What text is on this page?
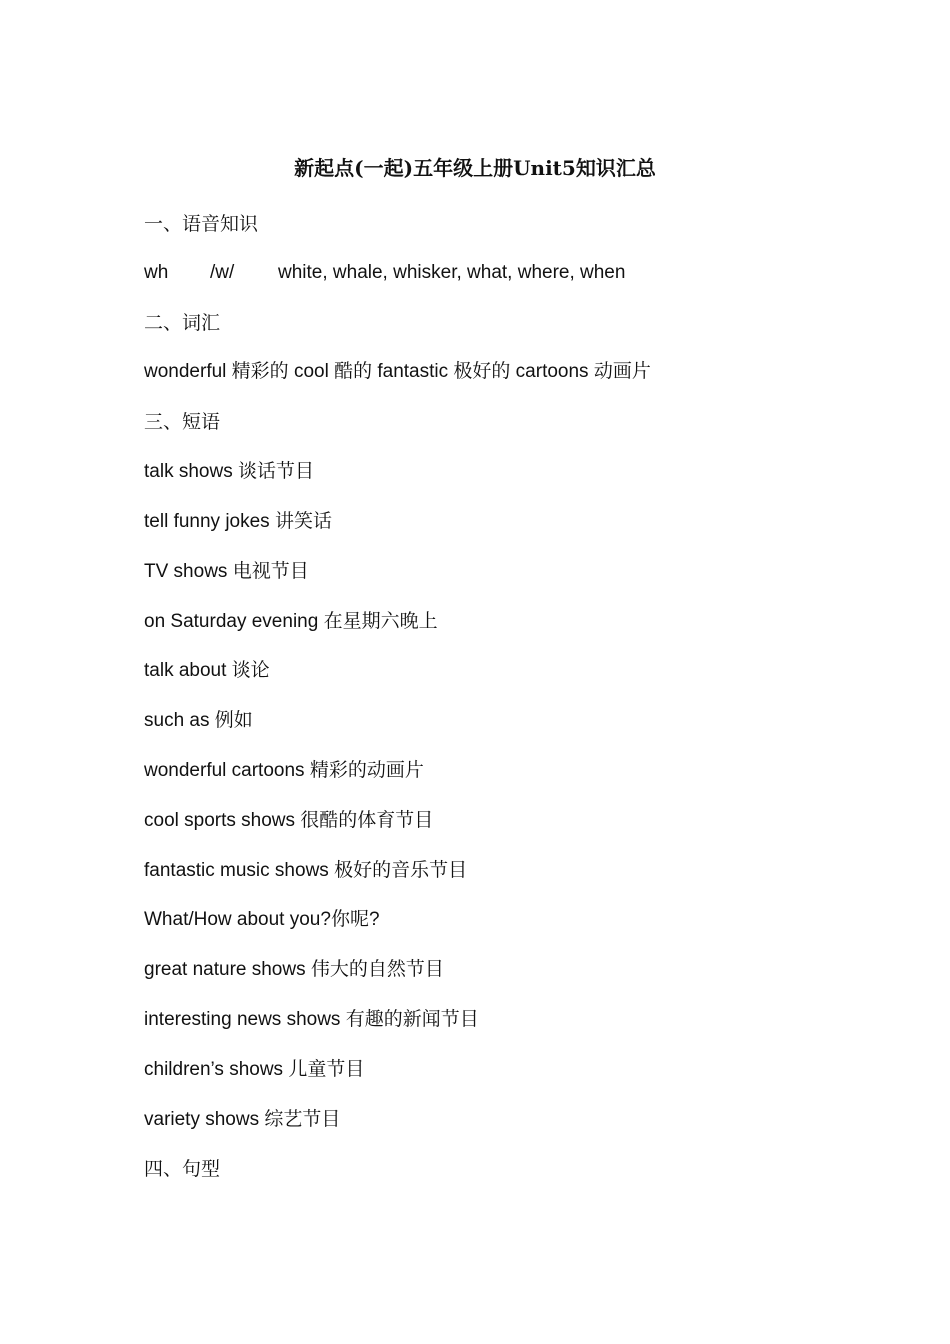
新起点(一起)五年级上册Unit5知识汇总
一、语音知识
wh /w/ white, whale, whisker, what, where, when
二、词汇
wonderful 精彩的 cool 酷的 fantastic 极好的 cartoons 动画片
三、短语
talk shows 谈话节目
tell funny jokes 讲笑话
TV shows 电视节目
on Saturday evening 在星期六晚上
talk about 谈论
such as 例如
wonderful cartoons 精彩的动画片
cool sports shows 很酷的体育节目
fantastic music shows 极好的音乐节目
What/How about you?你呢?
great nature shows 伟大的自然节目
interesting news shows 有趣的新闻节目
children’s shows 儿童节目
variety shows 综艺节目
四、句型
